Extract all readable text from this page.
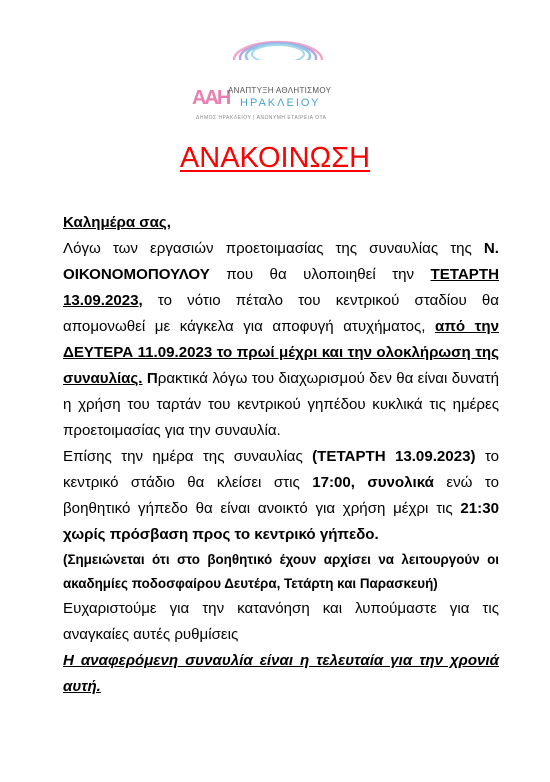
ΑΑΗ
ΑΝΑΠΤΥΞΗ ΑΘΛΗΤΙΣΜΟΥ
ΗΡΑΚΛΕΙΟΥ
ΔΗΜΟΣ ΗΡΑΚΛΕΙΟΥ | ΑΝΩΝΥΜΗ ΕΤΑΙΡΕΙΑ ΟΤΑ
ΑΝΑΚΟΙΝΩΣΗ

Καλημέρα σας,

Λόγω των εργασιών προετοιμασίας της συναυλίας της Ν. ΟΙΚΟΝΟΜΟΠΟΥΛΟΥ που θα υλοποιηθεί την ΤΕΤΑΡΤΗ 13.09.2023, το νότιο πέταλο του κεντρικού σταδίου θα απομονωθεί με κάγκελα για αποφυγή ατυχήματος, από την ΔΕΥΤΕΡΑ 11.09.2023 το πρωί μέχρι και την ολοκλήρωση της συναυλίας. Πρακτικά λόγω του διαχωρισμού δεν θα είναι δυνατή η χρήση του ταρτάν του κεντρικού γηπέδου κυκλικά τις ημέρες προετοιμασίας για την συναυλία.

Επίσης την ημέρα της συναυλίας (ΤΕΤΑΡΤΗ 13.09.2023) το κεντρικό στάδιο θα κλείσει στις 17:00, συνολικά ενώ το βοηθητικό γήπεδο θα είναι ανοικτό για χρήση μέχρι τις 21:30 χωρίς πρόσβαση προς το κεντρικό γήπεδο.

(Σημειώνεται ότι στο βοηθητικό έχουν αρχίσει να λειτουργούν οι ακαδημίες ποδοσφαίρου Δευτέρα, Τετάρτη και Παρασκευή)

Ευχαριστούμε για την κατανόηση και λυπούμαστε για τις αναγκαίες αυτές ρυθμίσεις

Η αναφερόμενη συναυλία είναι η τελευταία για την χρονιά αυτή.
